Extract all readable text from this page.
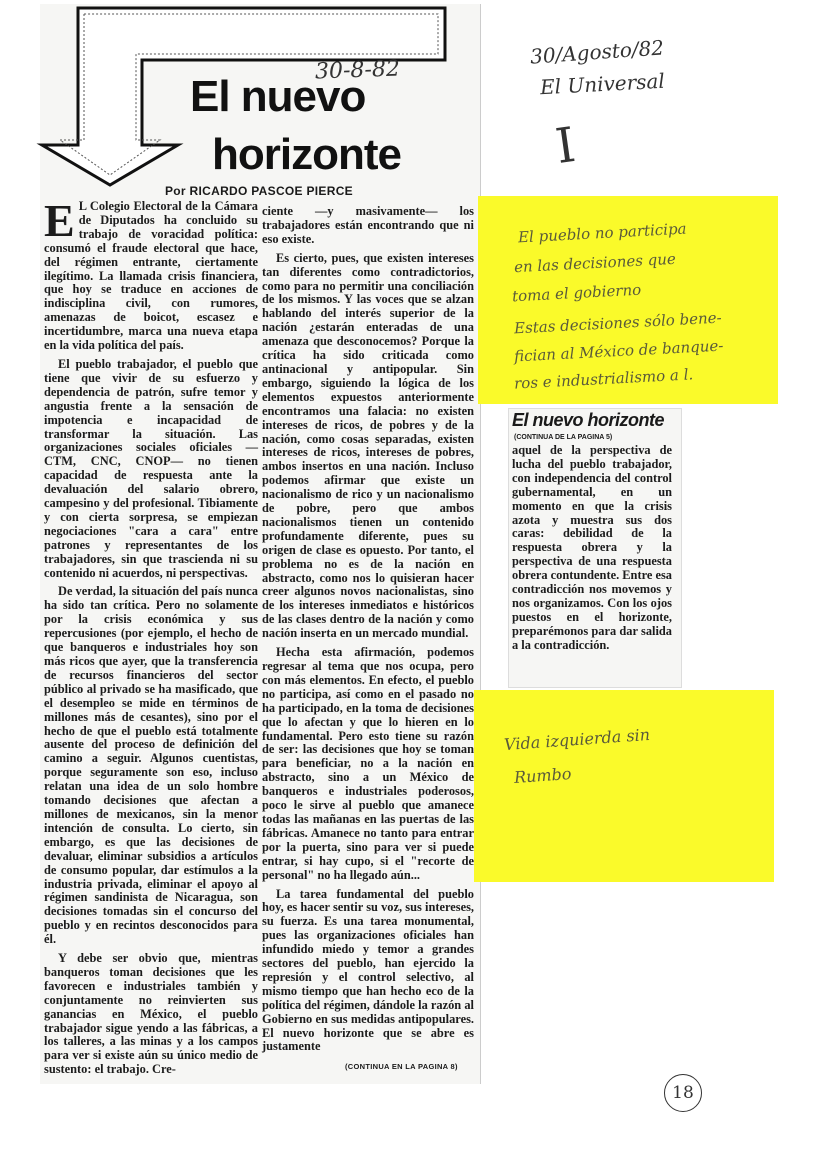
El nuevo
horizonte
30-8-82
Por RICARDO PASCOE PIERCE
E L Colegio Electoral de la Cámara de Diputados ha concluido su trabajo de voracidad política: consumó el fraude electoral que hace, del régimen entrante, ciertamente ilegítimo. La llamada crisis financiera, que hoy se traduce en acciones de indisciplina civil, con rumores, amenazas de boicot, escasez e incertidumbre, marca una nueva etapa en la vida política del país.

El pueblo trabajador, el pueblo que tiene que vivir de su esfuerzo y dependencia de patrón, sufre temor y angustia frente a la sensación de impotencia e incapacidad de transformar la situación. Las organizaciones sociales oficiales —CTM, CNC, CNOP— no tienen capacidad de respuesta ante la devaluación del salario obrero, campesino y del profesional. Tibiamente y con cierta sorpresa, se empiezan negociaciones "cara a cara" entre patrones y representantes de los trabajadores, sin que trascienda ni su contenido ni acuerdos, ni perspectivas.

De verdad, la situación del país nunca ha sido tan crítica. Pero no solamente por la crisis económica y sus repercusiones (por ejemplo, el hecho de que banqueros e industriales hoy son más ricos que ayer, que la transferencia de recursos financieros del sector público al privado se ha masificado, que el desempleo se mide en términos de millones más de cesantes), sino por el hecho de que el pueblo está totalmente ausente del proceso de definición del camino a seguir. Algunos cuentistas, porque seguramente son eso, incluso relatan una idea de un solo hombre tomando decisiones que afectan a millones de mexicanos, sin la menor intención de consulta. Lo cierto, sin embargo, es que las decisiones de devaluar, eliminar subsidios a artículos de consumo popular, dar estímulos a la industria privada, eliminar el apoyo al régimen sandinista de Nicaragua, son decisiones tomadas sin el concurso del pueblo y en recintos desconocidos para él.

Y debe ser obvio que, mientras banqueros toman decisiones que les favorecen e industriales también y conjuntamente no reinvierten sus ganancias en México, el pueblo trabajador sigue yendo a las fábricas, a los talleres, a las minas y a los campos para ver si existe aún su único medio de sustento: el trabajo. Cre-

ciente —y masivamente— los trabajadores están encontrando que ni eso existe.

Es cierto, pues, que existen intereses tan diferentes como contradictorios, como para no permitir una conciliación de los mismos. Y las voces que se alzan hablando del interés superior de la nación ¿estarán enteradas de una amenaza que desconocemos? Porque la crítica ha sido criticada como antinacional y antipopular. Sin embargo, siguiendo la lógica de los elementos expuestos anteriormente encontramos una falacia: no existen intereses de ricos, de pobres y de la nación, como cosas separadas, existen intereses de ricos, intereses de pobres, ambos insertos en una nación. Incluso podemos afirmar que existe un nacionalismo de rico y un nacionalismo de pobre, pero que ambos nacionalismos tienen un contenido profundamente diferente, pues su origen de clase es opuesto. Por tanto, el problema no es de la nación en abstracto, como nos lo quisieran hacer creer algunos novos nacionalistas, sino de los intereses inmediatos e históricos de las clases dentro de la nación y como nación inserta en un mercado mundial.

Hecha esta afirmación, podemos regresar al tema que nos ocupa, pero con más elementos. En efecto, el pueblo no participa, así como en el pasado no ha participado, en la toma de decisiones que lo afectan y que lo hieren en lo fundamental. Pero esto tiene su razón de ser: las decisiones que hoy se toman para beneficiar, no a la nación en abstracto, sino a un México de banqueros e industriales poderosos, poco le sirve al pueblo que amanece todas las mañanas en las puertas de las fábricas. Amanece no tanto para entrar por la puerta, sino para ver si puede entrar, si hay cupo, si el "recorte de personal" no ha llegado aún...

La tarea fundamental del pueblo hoy, es hacer sentir su voz, sus intereses, su fuerza. Es una tarea monumental, pues las organizaciones oficiales han infundido miedo y temor a grandes sectores del pueblo, han ejercido la represión y el control selectivo, al mismo tiempo que han hecho eco de la política del régimen, dándole la razón al Gobierno en sus medidas antipopulares. El nuevo horizonte que se abre es justamente

(CONTINUA EN LA PAGINA 8)
30/Agosto/82
El Universal
I
El pueblo no participa
en las decisiones que
toma el gobierno
Estas decisiones sólo bene-
fician al México de banque-
ros e industrialismo a l.
El nuevo horizonte
(CONTINUA DE LA PAGINA 5)
aquel de la perspectiva de lucha del pueblo trabajador, con independencia del control gubernamental, en un momento en que la crisis azota y muestra sus dos caras: debilidad de la respuesta obrera y la perspectiva de una respuesta obrera contundente. Entre esa contradicción nos movemos y nos organizamos. Con los ojos puestos en el horizonte, preparémonos para dar salida a la contradicción.
Vida izquierda sin
Rumbo
18
